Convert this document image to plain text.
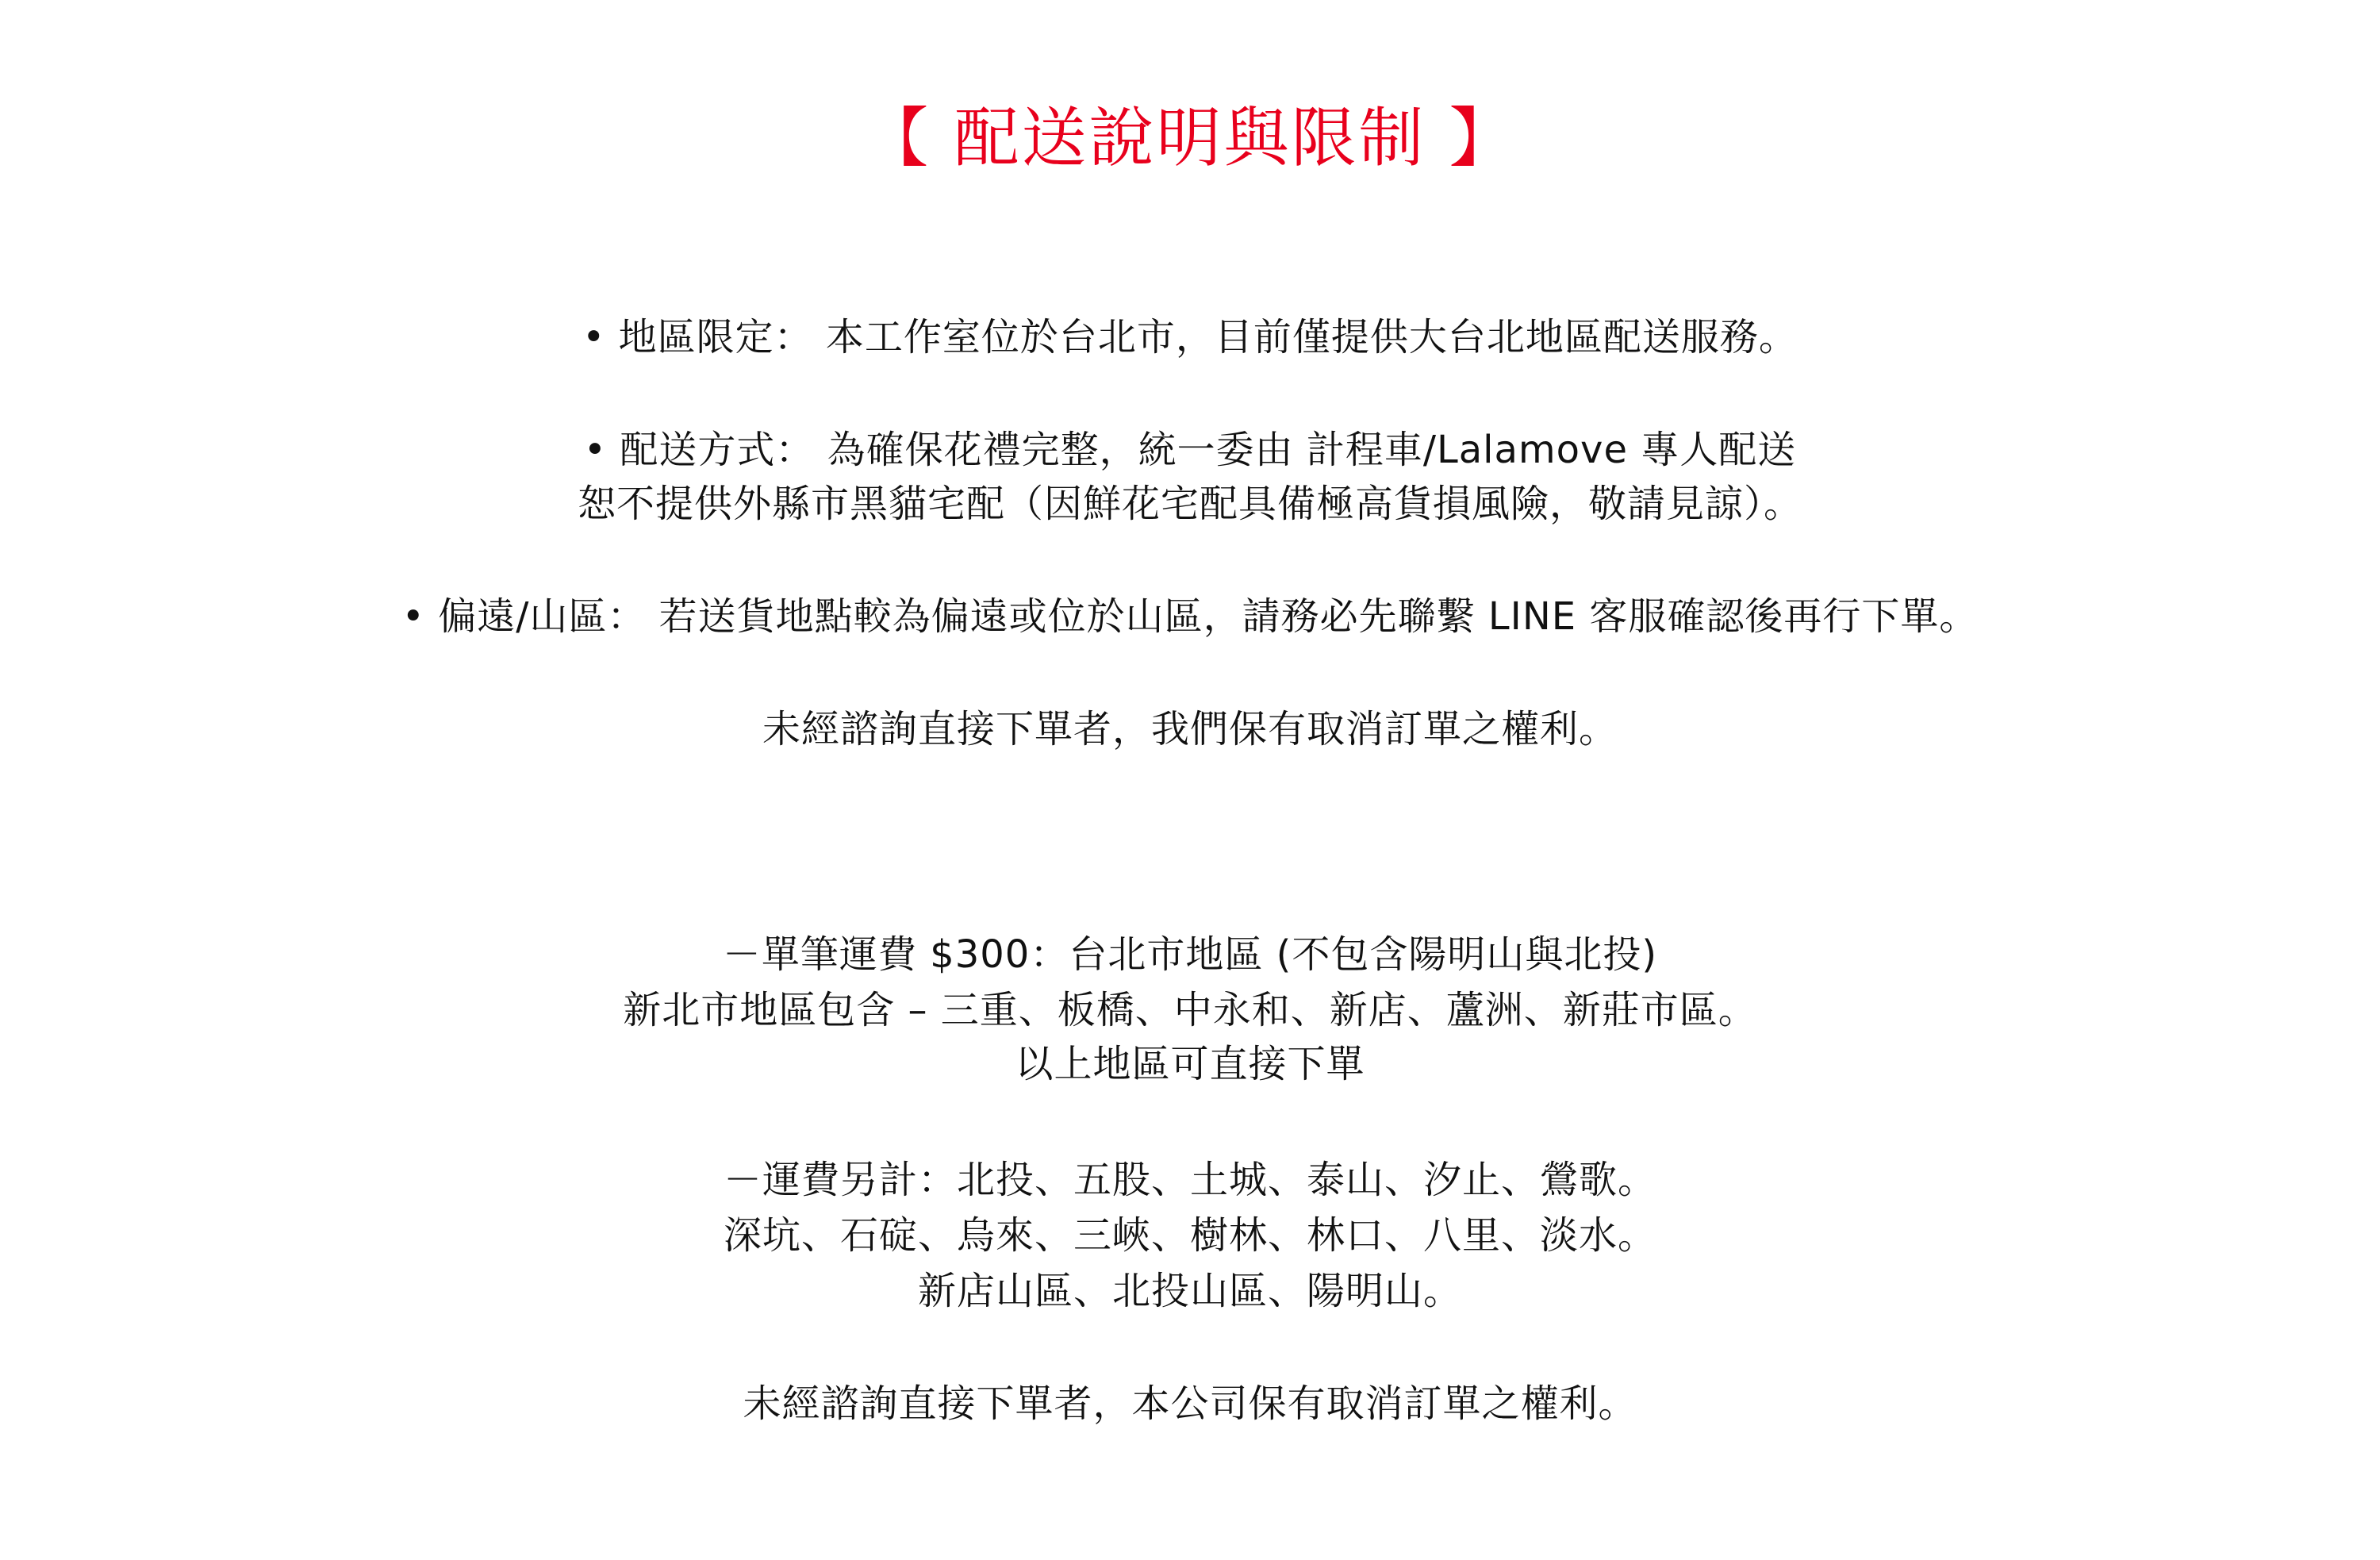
【 配送說明與限制 】
• 地區限定： 本工作室位於台北市，目前僅提供大台北地區配送服務。
• 配送方式： 為確保花禮完整，統一委由 計程車/Lalamove 專人配送
恕不提供外縣市黑貓宅配（因鮮花宅配具備極高貨損風險，敬請見諒）。
• 偏遠/山區： 若送貨地點較為偏遠或位於山區，請務必先聯繫 LINE 客服確認後再行下單。
未經諮詢直接下單者，我們保有取消訂單之權利。
－單筆運費 $300：台北市地區 (不包含陽明山與北投)
新北市地區包含 – 三重、板橋、中永和、新店、蘆洲、新莊市區。
以上地區可直接下單
－運費另計：北投、五股、土城、泰山、汐止、鶯歌。
深坑、石碇、烏來、三峽、樹林、林口、八里、淡水。
新店山區、北投山區、陽明山。
未經諮詢直接下單者，本公司保有取消訂單之權利。
